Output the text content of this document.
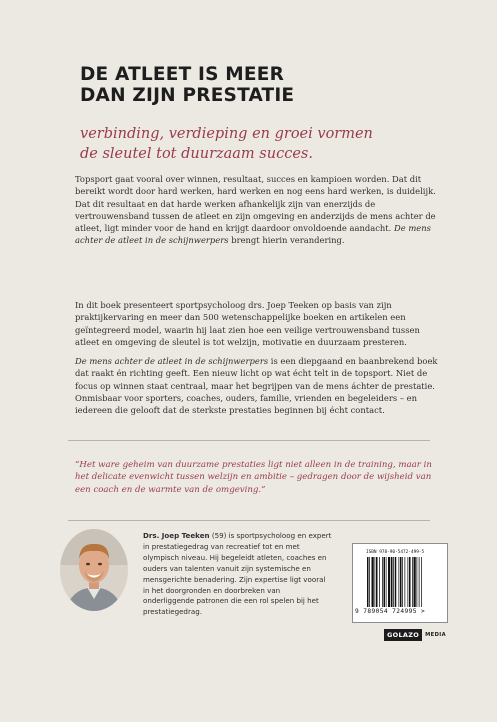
DE ATLEET IS MEER
DAN ZIJN PRESTATIE

verbinding, verdieping en groei vormen
de sleutel tot duurzaam succes.

Topsport gaat vooral over winnen, resultaat, succes en kampioen worden. Dat dit bereikt wordt door hard werken, hard werken en nog eens hard werken, is duidelijk. Dat dit resultaat en dat harde werken afhankelijk zijn van enerzijds de vertrouwensband tussen de atleet en zijn omgeving en anderzijds de mens achter de atleet, ligt minder voor de hand en krijgt daardoor onvoldoende aandacht. De mens achter de atleet in de schijnwerpers brengt hierin verandering.

In dit boek presenteert sportpsycholoog drs. Joep Teeken op basis van zijn praktijkervaring en meer dan 500 wetenschappelijke boeken en artikelen een geïntegreerd model, waarin hij laat zien hoe een veilige vertrouwensband tussen atleet en omgeving de sleutel is tot welzijn, motivatie en duurzaam presteren.

De mens achter de atleet in de schijnwerpers is een diepgaand en baanbrekend boek dat raakt én richting geeft. Een nieuw licht op wat écht telt in de topsport. Niet de focus op winnen staat centraal, maar het begrijpen van de mens áchter de prestatie. Onmisbaar voor sporters, coaches, ouders, familie, vrienden en begeleiders – en iedereen die gelooft dat de sterkste prestaties beginnen bij écht contact.

“Het ware geheim van duurzame prestaties ligt niet alleen in de training, maar in het delicate evenwicht tussen welzijn en ambitie – gedragen door de wijsheid van een coach en de warmte van de omgeving.”

Drs. Joep Teeken (59) is sportpsycholoog en expert in prestatiegedrag van recreatief tot en met olympisch niveau. Hij begeleidt atleten, coaches en ouders van talenten vanuit zijn systemische en mensgerichte benadering. Zijn expertise ligt vooral in het doorgronden en doorbreken van onderliggende patronen die een rol spelen bij het prestatiegedrag.

ISBN 978-90-5472-499-5
9 789054 724995 >
GOLAZO	MEDIA
